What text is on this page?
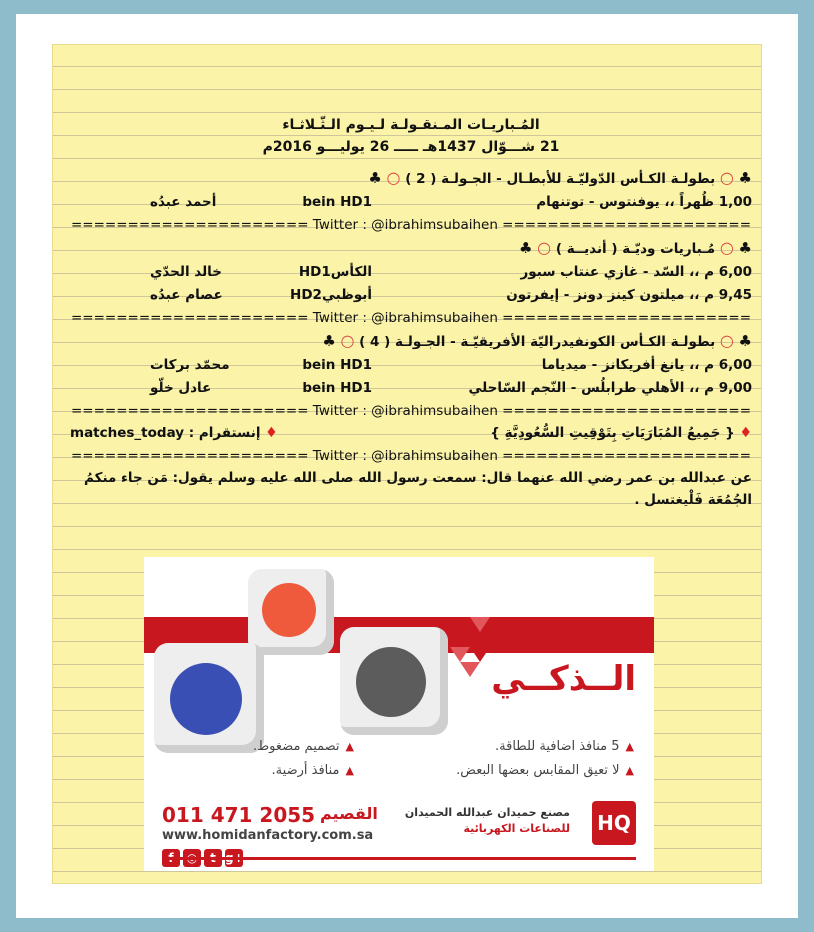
المُـباريـات المـنقـولـة لـيـوم الـثّـلاثـاء
21 شـــوّال 1437هـ ـــــ 26 يوليـــو 2016م
♣ ○ بطولـة الكـأس الدّوليّـة للأبطـال - الجـولـة ( 2 ) ○ ♣
1,00 ظُهراً ،، يوفنتوس - توتنهام
bein HD1
أحمد عبدُه
===================== Twitter : @ibrahimsubaihen ======================
♣ ○ مُـباريات وديّـة ( أنديــة ) ○ ♣
6,00 م ،، السّد - غازي عنتاب سبور
الكأسHD1
خالد الحدّي
9,45 م ،، ميلتون كينز دونز - إيفرتون
أبوظبيHD2
عصام عبدُه
===================== Twitter : @ibrahimsubaihen ======================
♣ ○ بطولـة الكـأس الكونفيدراليّة الأفريقيّـة - الجـولـة ( 4 ) ○ ♣
6,00 م ،، يانغ أفريكانز - ميدياما
bein HD1
محمّد بركات
9,00 م ،، الأهلي طرابلُس - النّجم السّاحلي
bein HD1
عادل خلّو
===================== Twitter : @ibrahimsubaihen ======================
♦ { جَمِيعُ المُبَارَيَاتِ بِتَوْقِيتِ السُّعُودِيَّةِ }
إنستقرام : matches_today ♦
===================== Twitter : @ibrahimsubaihen ======================
عن عبدالله بن عمر رضي الله عنهما قال: سمعت رسول الله صلى الله عليه وسلم يقول: مَن جاء منكمُ الجُمُعَة فَلْيغتسل .
المكعب
الــذكــي
▲5 منافذ اضافية للطاقة.
▲لا تعيق المقابس بعضها البعض.
▲تصميم مضغوط.
▲منافذ أرضية.
011 471 2055 القصيم
www.homidanfactory.com.sa
مصنع حميدان عبدالله الحميدان
للصناعات الكهربائية HQ
